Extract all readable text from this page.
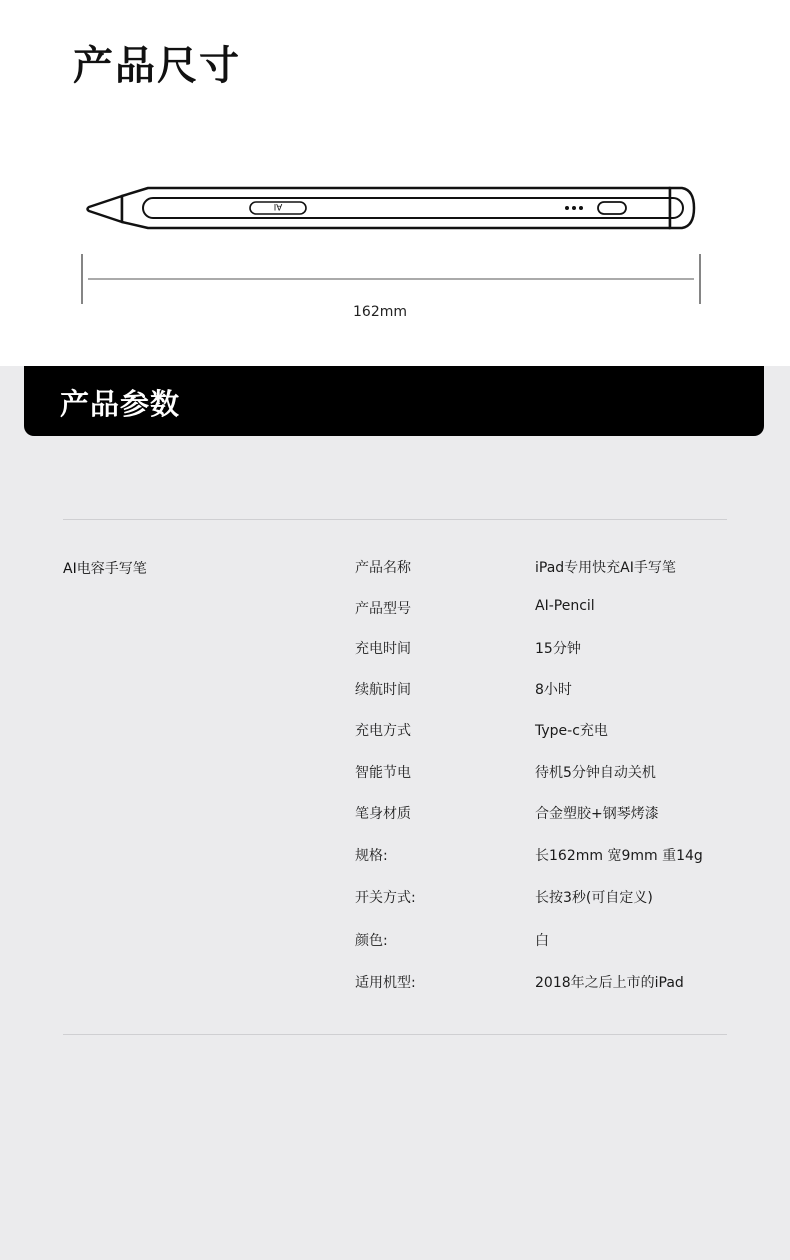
产品尺寸
AI
162mm
产品参数
AI电容手写笔	产品名称	iPad专用快充AI手写笔
产品型号	AI-Pencil
充电时间	15分钟
续航时间	8小时
充电方式	Type-c充电
智能节电	待机5分钟自动关机
笔身材质	合金塑胶+钢琴烤漆
规格:	长162mm 宽9mm 重14g
开关方式:	长按3秒(可自定义)
颜色:	白
适用机型:	2018年之后上市的iPad
